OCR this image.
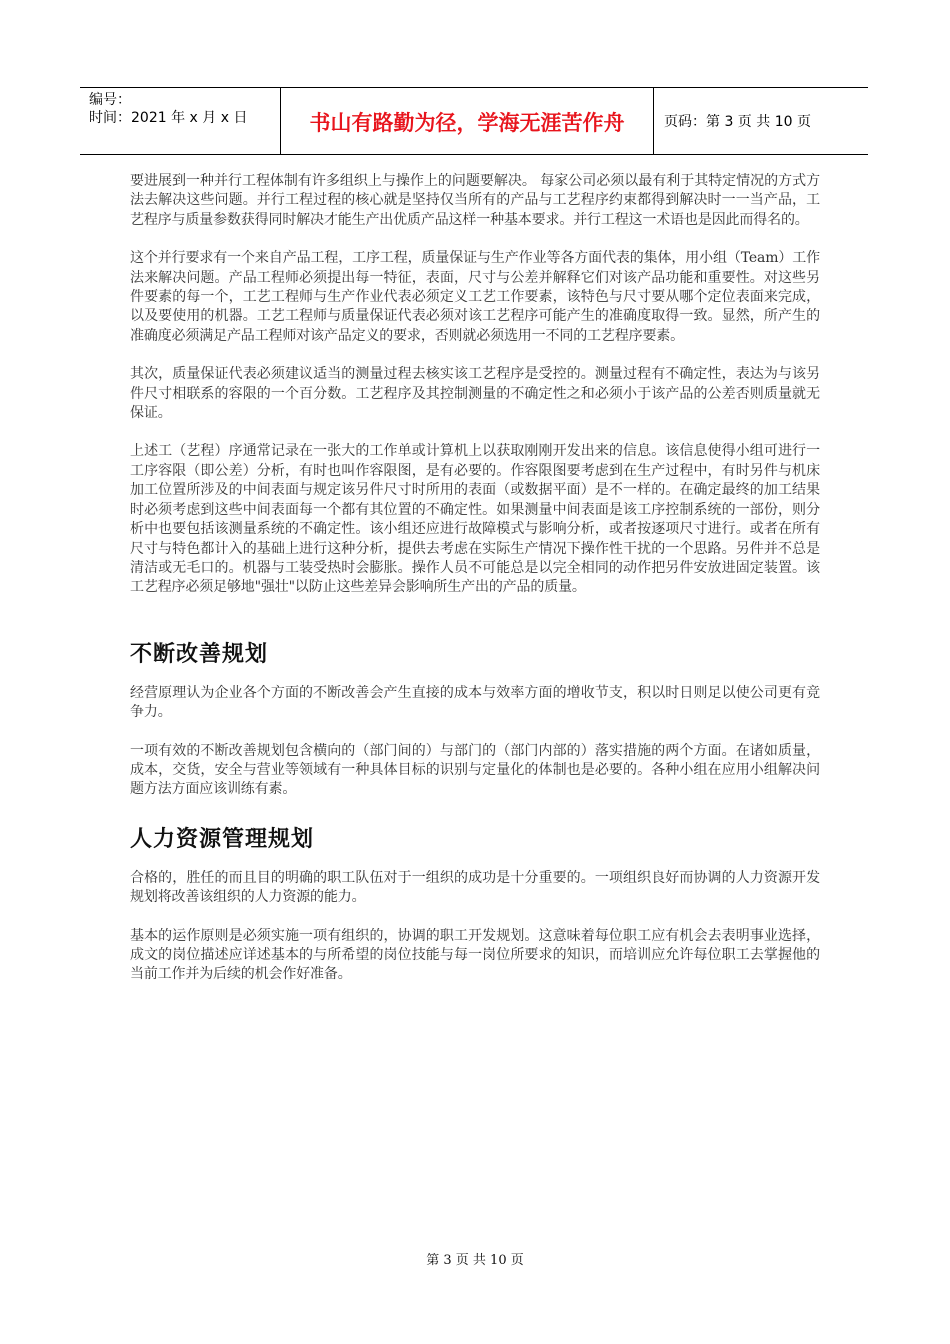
编号：
时间：2021 年 x 月 x 日	书山有路勤为径，学海无涯苦作舟	页码：第 3 页 共 10 页

要进展到一种并行工程体制有许多组织上与操作上的问题要解决。 每家公司必须以最有利于其特定情况的方式方法去解决这些问题。并行工程过程的核心就是坚持仅当所有的产品与工艺程序约束都得到解决时一一当产品，工艺程序与质量参数获得同时解决才能生产出优质产品这样一种基本要求。并行工程这一术语也是因此而得名的。

这个并行要求有一个来自产品工程，工序工程，质量保证与生产作业等各方面代表的集体，用小组（Team）工作法来解决问题。产品工程师必须提出每一特征，表面，尺寸与公差并解释它们对该产品功能和重要性。对这些另件要素的每一个，工艺工程师与生产作业代表必须定义工艺工作要素，该特色与尺寸要从哪个定位表面来完成，以及要使用的机器。工艺工程师与质量保证代表必须对该工艺程序可能产生的准确度取得一致。显然，所产生的准确度必须满足产品工程师对该产品定义的要求，否则就必须选用一不同的工艺程序要素。

其次，质量保证代表必须建议适当的测量过程去核实该工艺程序是受控的。测量过程有不确定性，表达为与该另件尺寸相联系的容限的一个百分数。工艺程序及其控制测量的不确定性之和必须小于该产品的公差否则质量就无保证。

上述工（艺程）序通常记录在一张大的工作单或计算机上以获取刚刚开发出来的信息。该信息使得小组可进行一工序容限（即公差）分析，有时也叫作容限图，是有必要的。作容限图要考虑到在生产过程中，有时另件与机床加工位置所涉及的中间表面与规定该另件尺寸时所用的表面（或数据平面）是不一样的。在确定最终的加工结果时必须考虑到这些中间表面每一个都有其位置的不确定性。如果测量中间表面是该工序控制系统的一部份，则分析中也要包括该测量系统的不确定性。该小组还应进行故障模式与影响分析，或者按逐项尺寸进行。或者在所有尺寸与特色都计入的基础上进行这种分析，提供去考虑在实际生产情况下操作性干扰的一个思路。另件并不总是清洁或无毛口的。机器与工装受热时会膨胀。操作人员不可能总是以完全相同的动作把另件安放进固定装置。该工艺程序必须足够地"强壮"以防止这些差异会影响所生产出的产品的质量。

不断改善规划

经营原理认为企业各个方面的不断改善会产生直接的成本与效率方面的增收节支，积以时日则足以使公司更有竞争力。

一项有效的不断改善规划包含横向的（部门间的）与部门的（部门内部的）落实措施的两个方面。在诸如质量，成本，交货，安全与营业等领域有一种具体目标的识别与定量化的体制也是必要的。各种小组在应用小组解决问题方法方面应该训练有素。

人力资源管理规划

合格的，胜任的而且目的明确的职工队伍对于一组织的成功是十分重要的。一项组织良好而协调的人力资源开发规划将改善该组织的人力资源的能力。

基本的运作原则是必须实施一项有组织的，协调的职工开发规划。这意味着每位职工应有机会去表明事业选择，成文的岗位描述应详述基本的与所希望的岗位技能与每一岗位所要求的知识，而培训应允许每位职工去掌握他的当前工作并为后续的机会作好准备。

第 3 页 共 10 页
